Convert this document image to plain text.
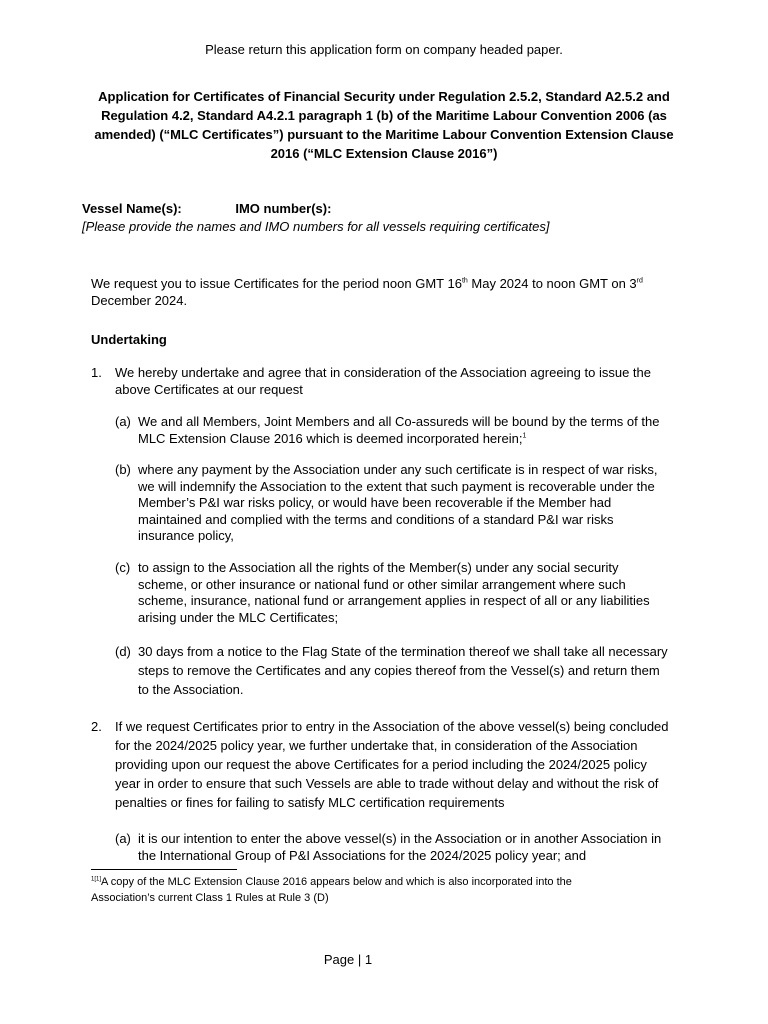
Please return this application form on company headed paper.
Application for Certificates of Financial Security under Regulation 2.5.2, Standard A2.5.2 and Regulation 4.2, Standard A4.2.1 paragraph 1 (b) of the Maritime Labour Convention 2006 (as amended) (“MLC Certificates”) pursuant to the Maritime Labour Convention Extension Clause 2016 (“MLC Extension Clause 2016”)
Vessel Name(s):	IMO number(s):
[Please provide the names and IMO numbers for all vessels requiring certificates]
We request you to issue Certificates for the period noon GMT 16th May 2024 to noon GMT on 3rd December 2024.
Undertaking
1.	We hereby undertake and agree that in consideration of the Association agreeing to issue the above Certificates at our request
(a) We and all Members, Joint Members and all Co-assureds will be bound by the terms of the MLC Extension Clause 2016 which is deemed incorporated herein;$^1$
(b) where any payment by the Association under any such certificate is in respect of war risks, we will indemnify the Association to the extent that such payment is recoverable under the Member’s P&I war risks policy, or would have been recoverable if the Member had maintained and complied with the terms and conditions of a standard P&I war risks insurance policy,
(c) to assign to the Association all the rights of the Member(s) under any social security scheme, or other insurance or national fund or other similar arrangement where such scheme, insurance, national fund or arrangement applies in respect of all or any liabilities arising under the MLC Certificates;
(d) 30 days from a notice to the Flag State of the termination thereof we shall take all necessary steps to remove the Certificates and any copies thereof from the Vessel(s) and return them to the Association.
2.	If we request Certificates prior to entry in the Association of the above vessel(s) being concluded for the 2024/2025 policy year, we further undertake that, in consideration of the Association providing upon our request the above Certificates for a period including the 2024/2025 policy year in order to ensure that such Vessels are able to trade without delay and without the risk of penalties or fines for failing to satisfy MLC certification requirements
(a) it is our intention to enter the above vessel(s) in the Association or in another Association in the International Group of P&I Associations for the 2024/2025 policy year; and
$^{1[1]}$A copy of the MLC Extension Clause 2016 appears below and which is also incorporated into the Association’s current Class 1 Rules at Rule 3 (D)
Page | 1
